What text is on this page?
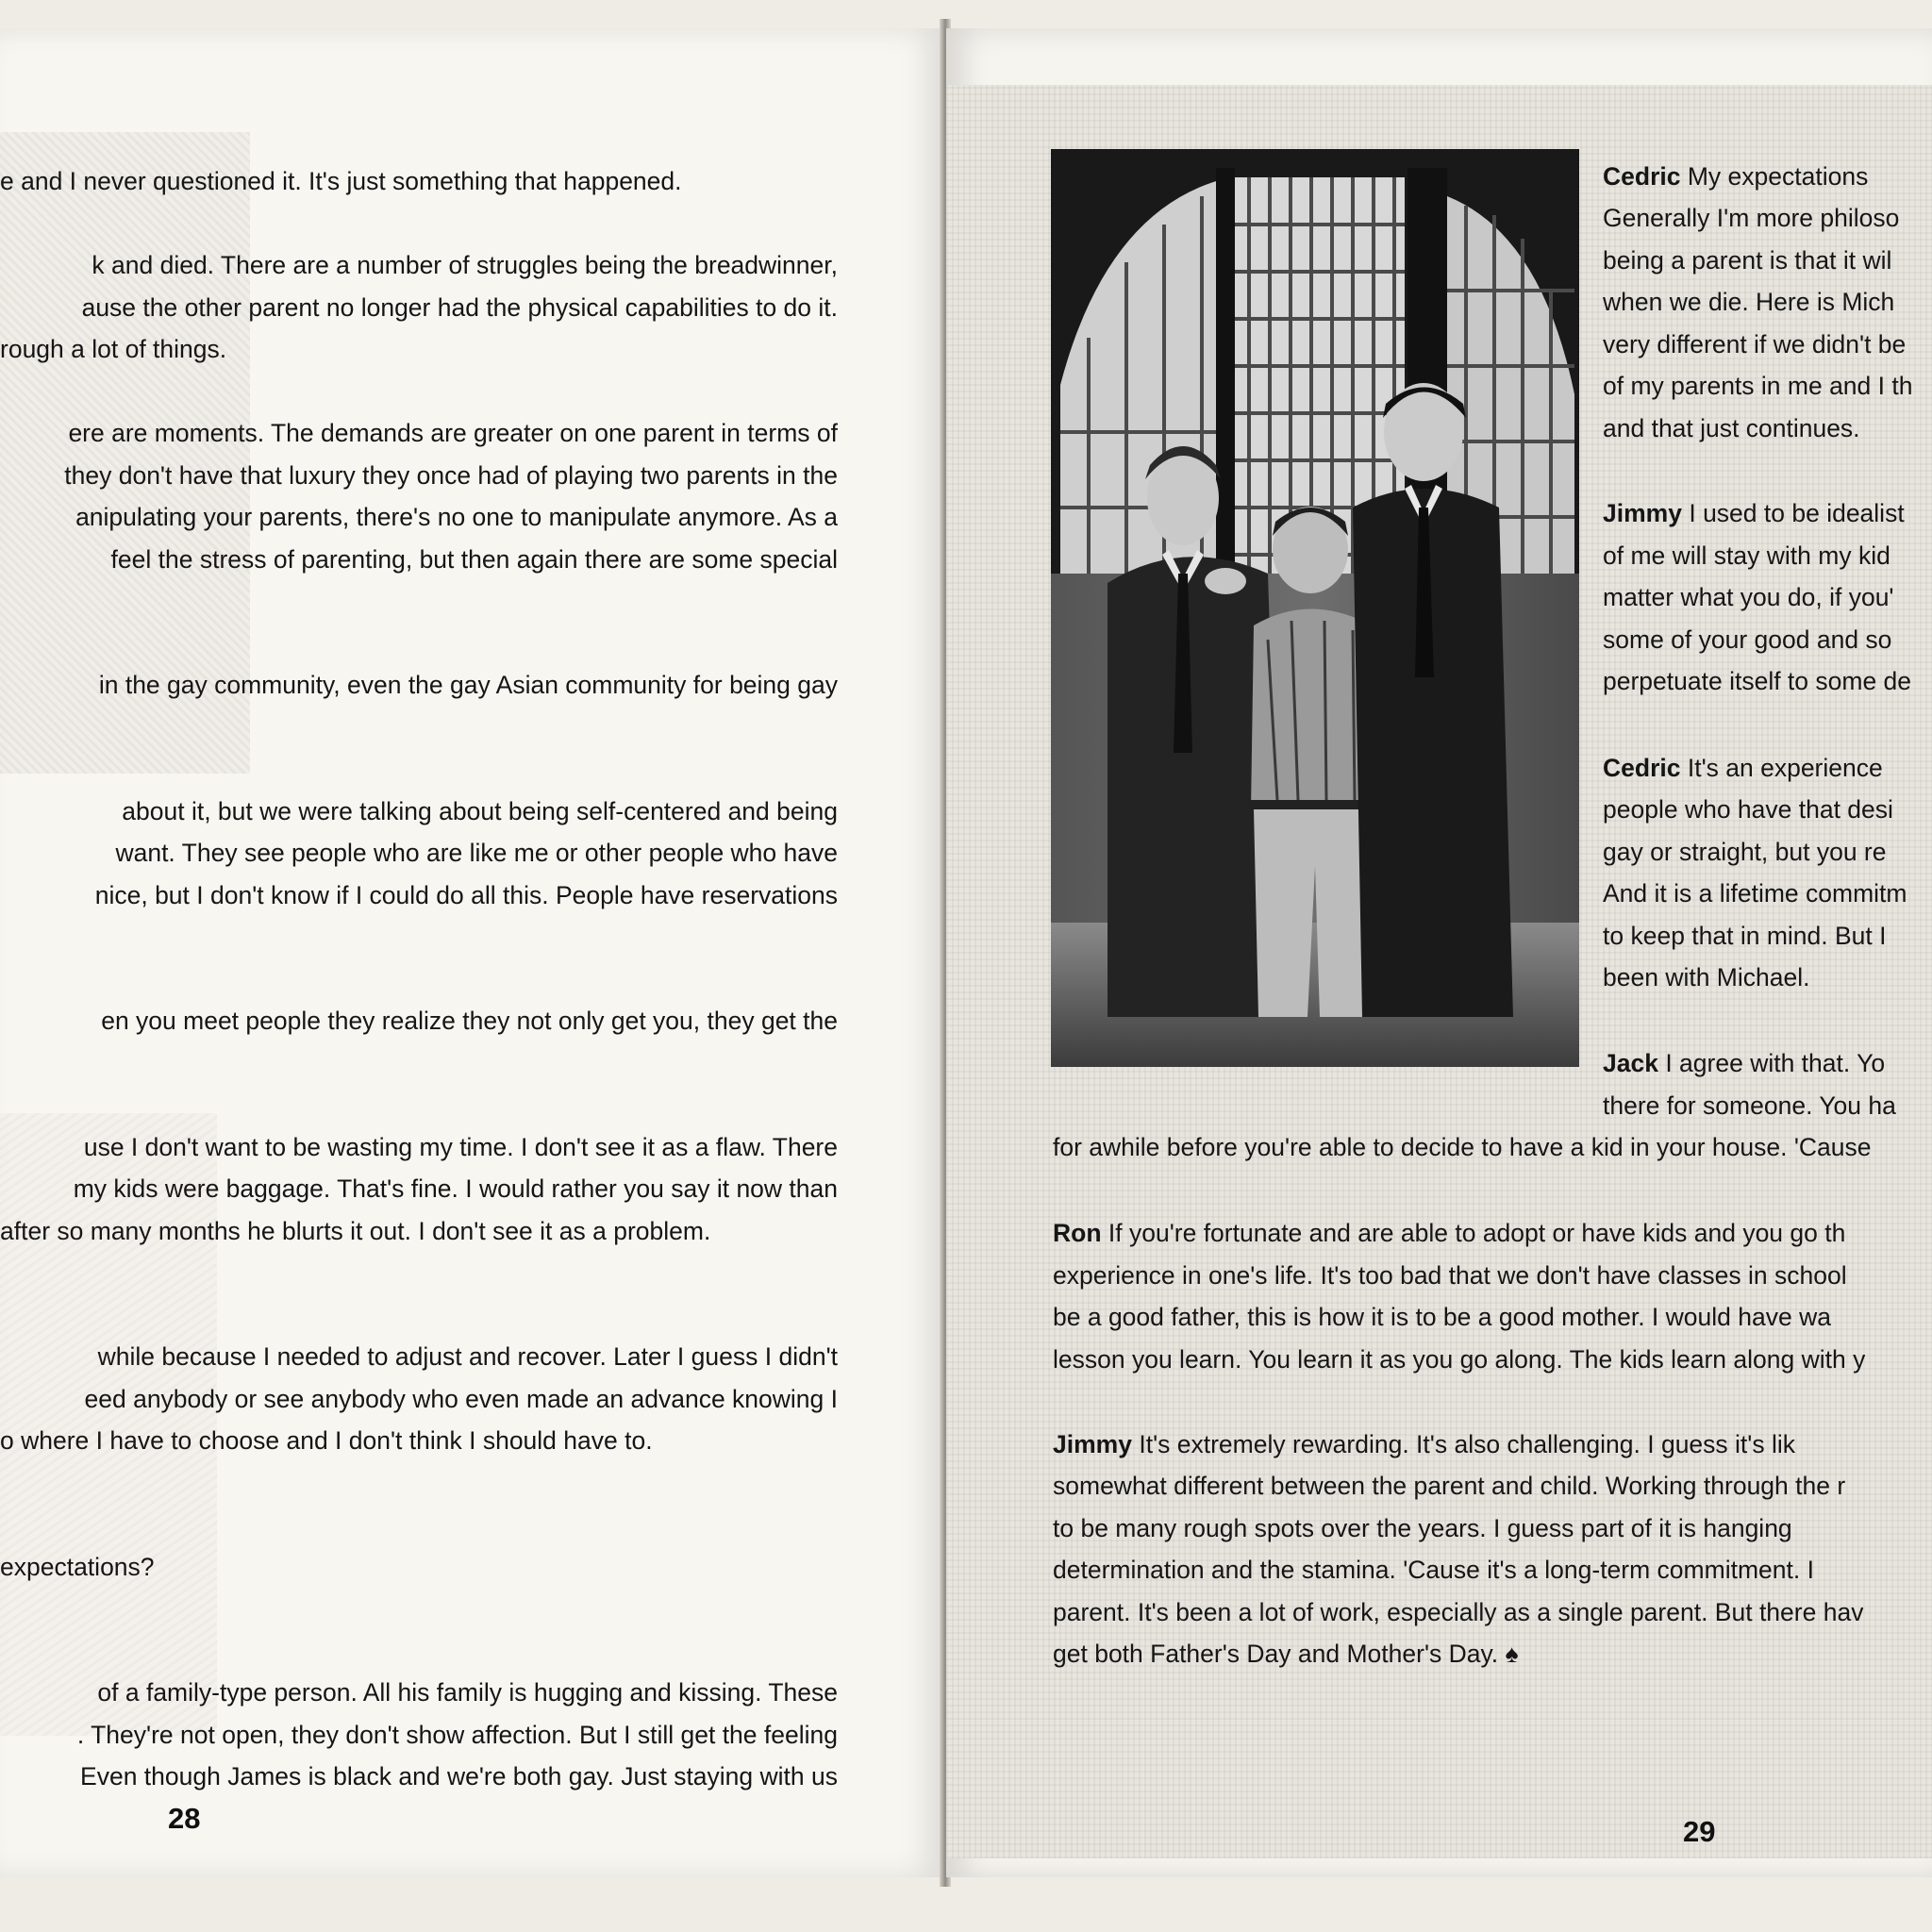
e and I never questioned it. It's just something that happened.
k and died. There are a number of struggles being the breadwinner,
ause the other parent no longer had the physical capabilities to do it.
rough a lot of things.
ere are moments. The demands are greater on one parent in terms of
they don't have that luxury they once had of playing two parents in the
anipulating your parents, there's no one to manipulate anymore. As a
feel the stress of parenting, but then again there are some special
in the gay community, even the gay Asian community for being gay
about it, but we were talking about being self-centered and being
want. They see people who are like me or other people who have
nice, but I don't know if I could do all this. People have reservations
en you meet people they realize they not only get you, they get the
use I don't want to be wasting my time. I don't see it as a flaw. There
my kids were baggage. That's fine. I would rather you say it now than
after so many months he blurts it out. I don't see it as a problem.
while because I needed to adjust and recover. Later I guess I didn't
eed anybody or see anybody who even made an advance knowing I
o where I have to choose and I don't think I should have to.
expectations?
of a family-type person. All his family is hugging and kissing. These
. They're not open, they don't show affection. But I still get the feeling
Even though James is black and we're both gay. Just staying with us
28
Cedric My expectations
Generally I'm more philoso
being a parent is that it wil
when we die. Here is Mich
very different if we didn't be
of my parents in me and I th
and that just continues.
Jimmy I used to be idealist
of me will stay with my kid
matter what you do, if you'
some of your good and so
perpetuate itself to some de
Cedric It's an experience
people who have that desi
gay or straight, but you re
And it is a lifetime commitm
to keep that in mind. But I
been with Michael.
Jack I agree with that. Yo
there for someone. You ha
for awhile before you're able to decide to have a kid in your house. 'Cause
Ron If you're fortunate and are able to adopt or have kids and you go th
experience in one's life. It's too bad that we don't have classes in school
be a good father, this is how it is to be a good mother. I would have wa
lesson you learn. You learn it as you go along. The kids learn along with y
Jimmy It's extremely rewarding. It's also challenging. I guess it's lik
somewhat different between the parent and child. Working through the r
to be many rough spots over the years. I guess part of it is hanging
determination and the stamina. 'Cause it's a long-term commitment. I
parent. It's been a lot of work, especially as a single parent. But there hav
get both Father's Day and Mother's Day. ♠
29
